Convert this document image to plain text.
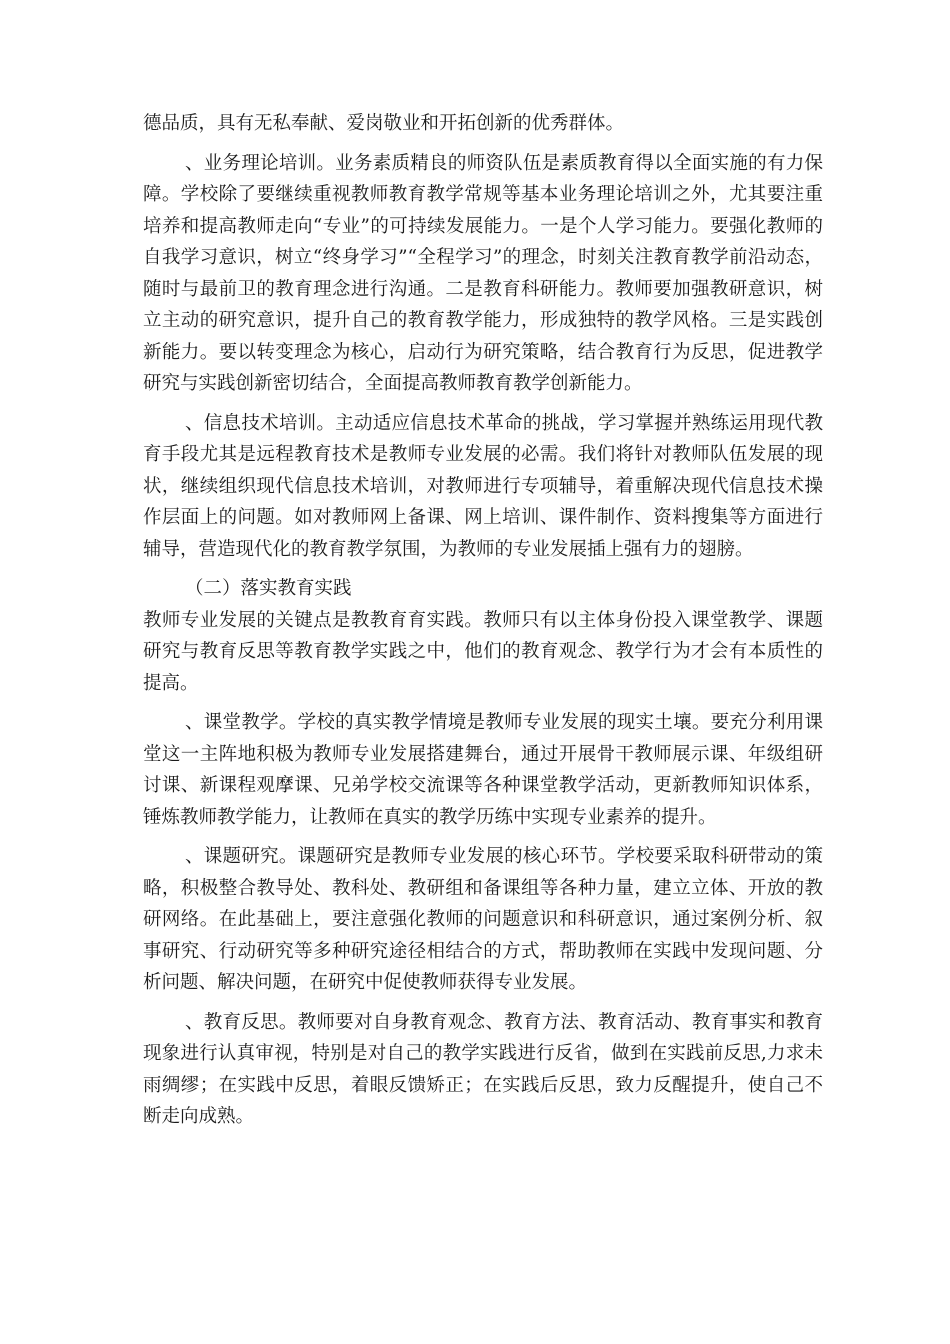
德品质，具有无私奉献、爱岗敬业和开拓创新的优秀群体。

、业务理论培训。业务素质精良的师资队伍是素质教育得以全面实施的有力保障。学校除了要继续重视教师教育教学常规等基本业务理论培训之外，尤其要注重培养和提高教师走向“专业”的可持续发展能力。一是个人学习能力。要强化教师的自我学习意识，树立“终身学习”“全程学习”的理念，时刻关注教育教学前沿动态，随时与最前卫的教育理念进行沟通。二是教育科研能力。教师要加强教研意识，树立主动的研究意识，提升自己的教育教学能力，形成独特的教学风格。三是实践创新能力。要以转变理念为核心，启动行为研究策略，结合教育行为反思，促进教学研究与实践创新密切结合，全面提高教师教育教学创新能力。

、信息技术培训。主动适应信息技术革命的挑战，学习掌握并熟练运用现代教育手段尤其是远程教育技术是教师专业发展的必需。我们将针对教师队伍发展的现状，继续组织现代信息技术培训，对教师进行专项辅导，着重解决现代信息技术操作层面上的问题。如对教师网上备课、网上培训、课件制作、资料搜集等方面进行辅导，营造现代化的教育教学氛围，为教师的专业发展插上强有力的翅膀。

（二）落实教育实践

教师专业发展的关键点是教教育育实践。教师只有以主体身份投入课堂教学、课题研究与教育反思等教育教学实践之中，他们的教育观念、教学行为才会有本质性的提高。

、课堂教学。学校的真实教学情境是教师专业发展的现实土壤。要充分利用课堂这一主阵地积极为教师专业发展搭建舞台，通过开展骨干教师展示课、年级组研讨课、新课程观摩课、兄弟学校交流课等各种课堂教学活动，更新教师知识体系，锤炼教师教学能力，让教师在真实的教学历练中实现专业素养的提升。

、课题研究。课题研究是教师专业发展的核心环节。学校要采取科研带动的策略，积极整合教导处、教科处、教研组和备课组等各种力量，建立立体、开放的教研网络。在此基础上，要注意强化教师的问题意识和科研意识，通过案例分析、叙事研究、行动研究等多种研究途径相结合的方式，帮助教师在实践中发现问题、分析问题、解决问题，在研究中促使教师获得专业发展。

、教育反思。教师要对自身教育观念、教育方法、教育活动、教育事实和教育现象进行认真审视，特别是对自己的教学实践进行反省，做到在实践前反思,力求未雨绸缪；在实践中反思，着眼反馈矫正；在实践后反思，致力反醒提升，使自己不断走向成熟。
